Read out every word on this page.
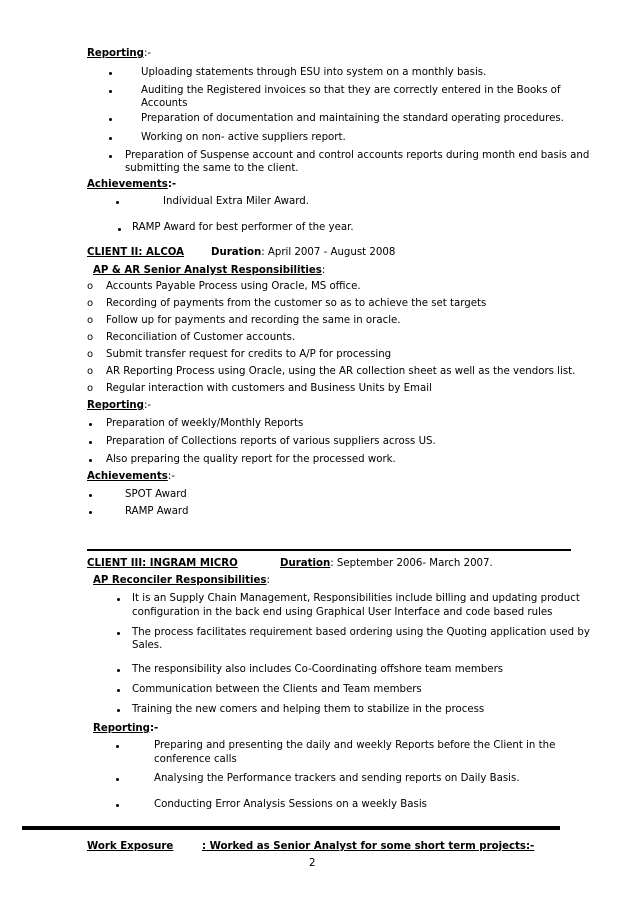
Reporting:-
Uploading statements through ESU into system on a monthly basis.
Auditing the Registered invoices so that they are correctly entered in the Books of
Accounts
Preparation of documentation and maintaining the standard operating procedures.
Working on non- active suppliers report.
Preparation of Suspense account and control accounts reports during month end basis and
submitting the same to the client.
Achievements:-
Individual Extra Miler Award.
RAMP Award for best performer of the year.
CLIENT II: ALCOA	Duration: April 2007 - August 2008
AP & AR Senior Analyst Responsibilities:
o Accounts Payable Process using Oracle, MS office.
o Recording of payments from the customer so as to achieve the set targets
o Follow up for payments and recording the same in oracle.
o Reconciliation of Customer accounts.
o Submit transfer request for credits to A/P for processing
o AR Reporting Process using Oracle, using the AR collection sheet as well as the vendors list.
o Regular interaction with customers and Business Units by Email
Reporting:-
Preparation of weekly/Monthly Reports
Preparation of Collections reports of various suppliers across US.
Also preparing the quality report for the processed work.
Achievements:-
SPOT Award
RAMP Award
CLIENT III: INGRAM MICRO	Duration: September 2006- March 2007.
AP Reconciler Responsibilities:
It is an Supply Chain Management, Responsibilities include billing and updating product
configuration in the back end using Graphical User Interface and code based rules
The process facilitates requirement based ordering using the Quoting application used by
Sales.
The responsibility also includes Co-Coordinating offshore team members
Communication between the Clients and Team members
Training the new comers and helping them to stabilize in the process
Reporting:-
Preparing and presenting the daily and weekly Reports before the Client in the
conference calls
Analysing the Performance trackers and sending reports on Daily Basis.
Conducting Error Analysis Sessions on a weekly Basis
Work Exposure	: Worked as Senior Analyst for some short term projects:-
2
